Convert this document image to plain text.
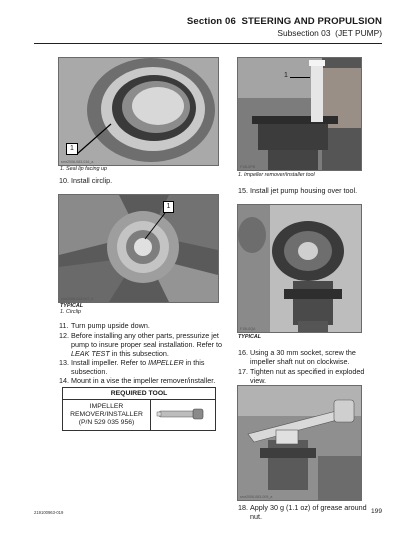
Section 06 STEERING AND PROPULSION
Subsection 03 (JET PUMP)
1
smr2006-083-016_a
1. Seal lip facing up
10. Install circlip.
1
F15L0PB
1. Impeller remover/installer tool
15. Install jet pump housing over tool.
1
smr2006-043-007_b
TYPICAL
1. Circlip
11. Turn pump upside down.
12. Before installing any other parts, pressurize jet pump to insure proper seal installation. Refer to LEAK TEST in this subsection.
13. Install impeller. Refer to IMPELLER in this subsection.
14. Mount in a vise the impeller remover/installer.
REQUIRED TOOL

IMPELLER
REMOVER/INSTALLER
(P/N 529 035 956)

F15L0QA
TYPICAL
16. Using a 30 mm socket, screw the impeller shaft nut on clockwise.
17. Tighten nut as specified in exploded view.
smr2006-083-009_a
18. Apply 30 g (1.1 oz) of grease around nut.
219100963-019	199
